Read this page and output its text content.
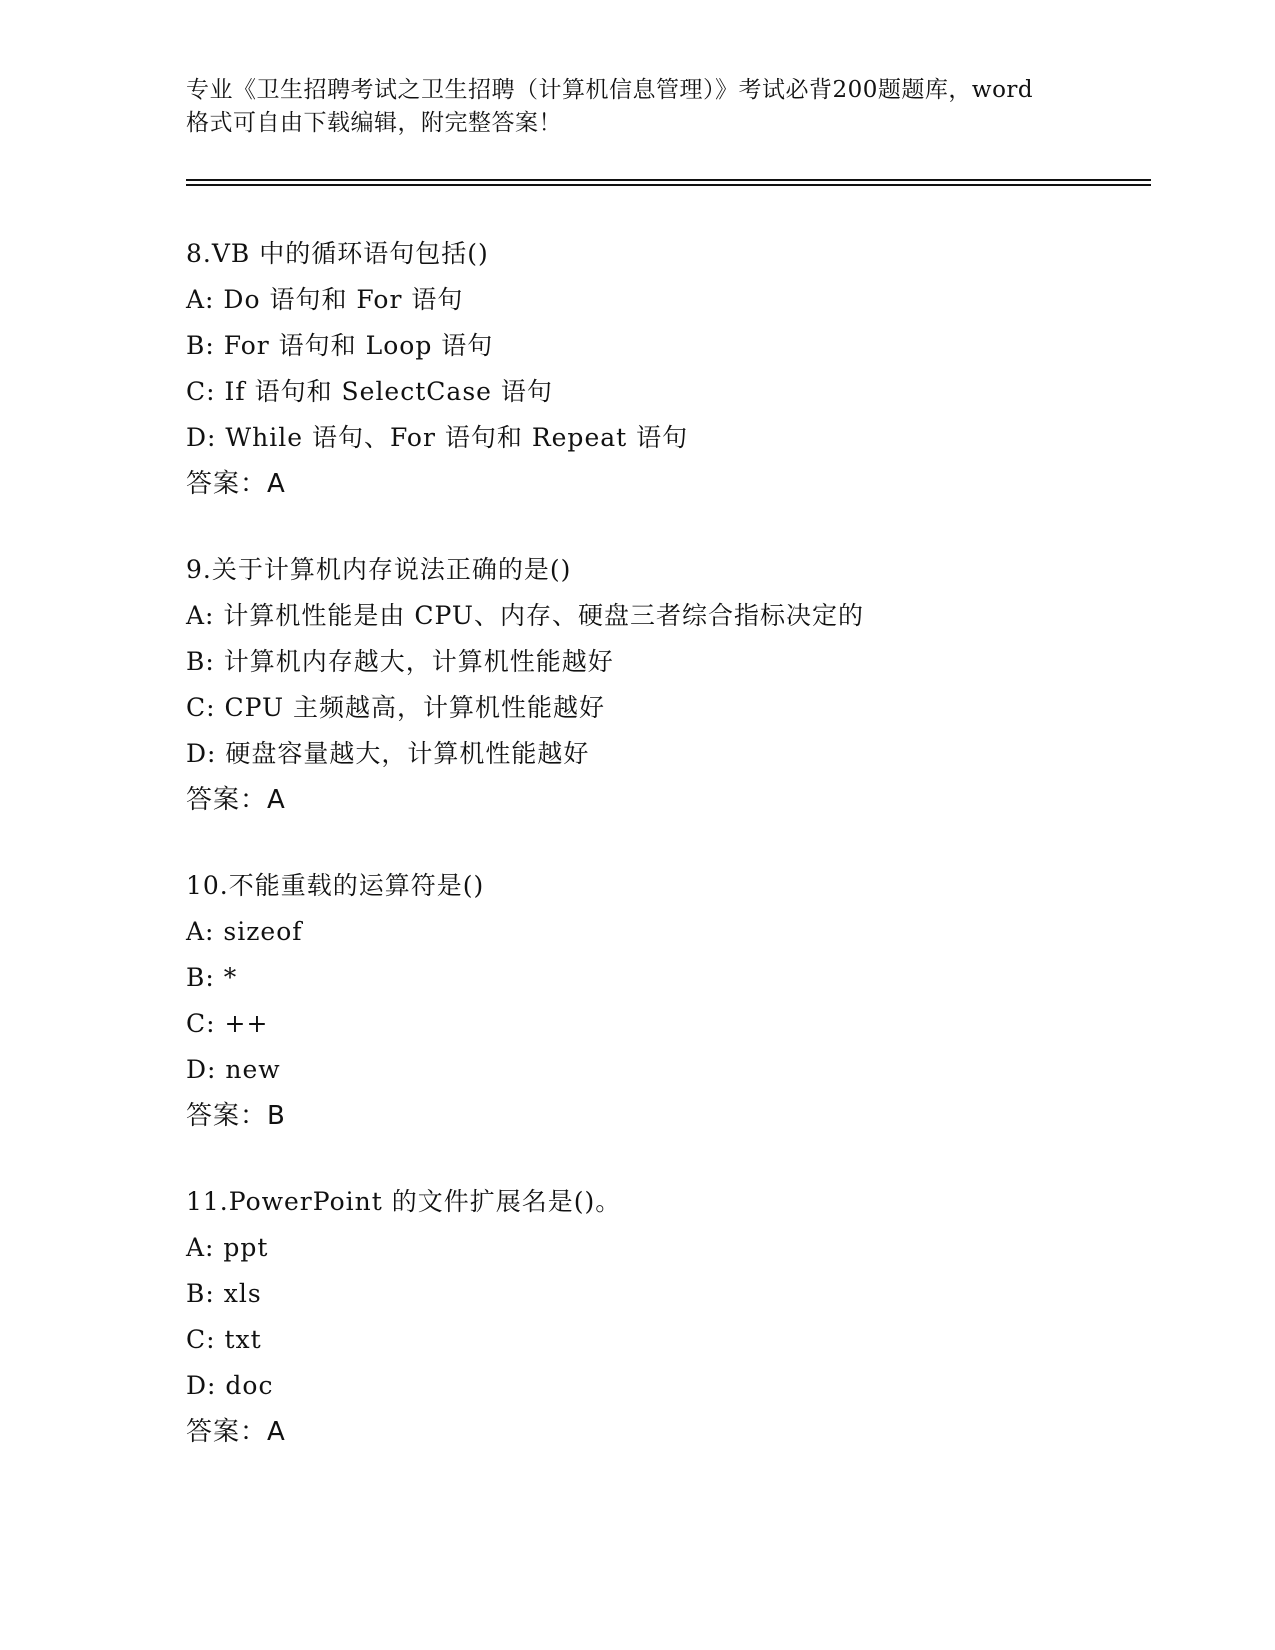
专业《卫生招聘考试之卫生招聘（计算机信息管理）》考试必背200题题库，word
格式可自由下载编辑，附完整答案！
8.VB 中的循环语句包括()
A: Do 语句和 For 语句
B: For 语句和 Loop 语句
C: If 语句和 SelectCase 语句
D: While 语句、For 语句和 Repeat 语句
答案：A
9.关于计算机内存说法正确的是()
A: 计算机性能是由 CPU、内存、硬盘三者综合指标决定的
B: 计算机内存越大，计算机性能越好
C: CPU 主频越高，计算机性能越好
D: 硬盘容量越大，计算机性能越好
答案：A
10.不能重载的运算符是()
A: sizeof
B: *
C: ++
D: new
答案：B
11.PowerPoint 的文件扩展名是()。
A: ppt
B: xls
C: txt
D: doc
答案：A
